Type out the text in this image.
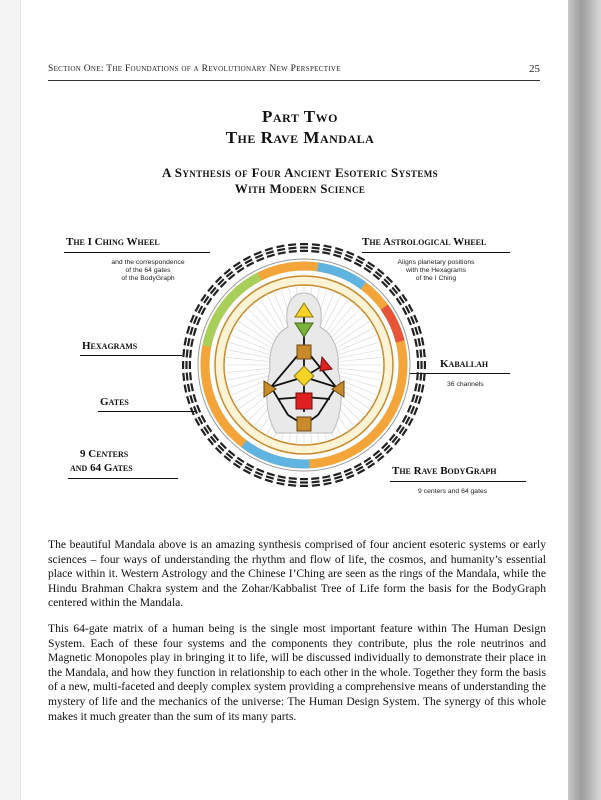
Section One: The Foundations of a Revolutionary New Perspective	25
Part Two
The Rave Mandala
A Synthesis of Four Ancient Esoteric Systems
With Modern Science
The I Ching Wheel
and the correspondence
of the 64 gates
of the BodyGraph
The Astrological Wheel
Aligns planetary positions
with the Hexagrams
of the I Ching
Hexagrams
Kaballah
36 channels
Gates
9 Centers
and 64 Gates	The Rave BodyGraph
9 centers and 64 gates

The beautiful Mandala above is an amazing synthesis comprised of four ancient esoteric systems or early sciences – four ways of understanding the rhythm and flow of life, the cosmos, and humanity’s essential place within it. Western Astrology and the Chinese I’Ching are seen as the rings of the Mandala, while the Hindu Brahman Chakra system and the Zohar/Kabbalist Tree of Life form the basis for the BodyGraph centered within the Mandala.

This 64-gate matrix of a human being is the single most important feature within The Human Design System. Each of these four systems and the components they contribute, plus the role neutrinos and Magnetic Monopoles play in bringing it to life, will be discussed individually to demonstrate their place in the Mandala, and how they function in relationship to each other in the whole. Together they form the basis of a new, multi-faceted and deeply complex system providing a comprehensive means of understanding the mystery of life and the mechanics of the universe: The Human Design System. The synergy of this whole makes it much greater than the sum of its many parts.
